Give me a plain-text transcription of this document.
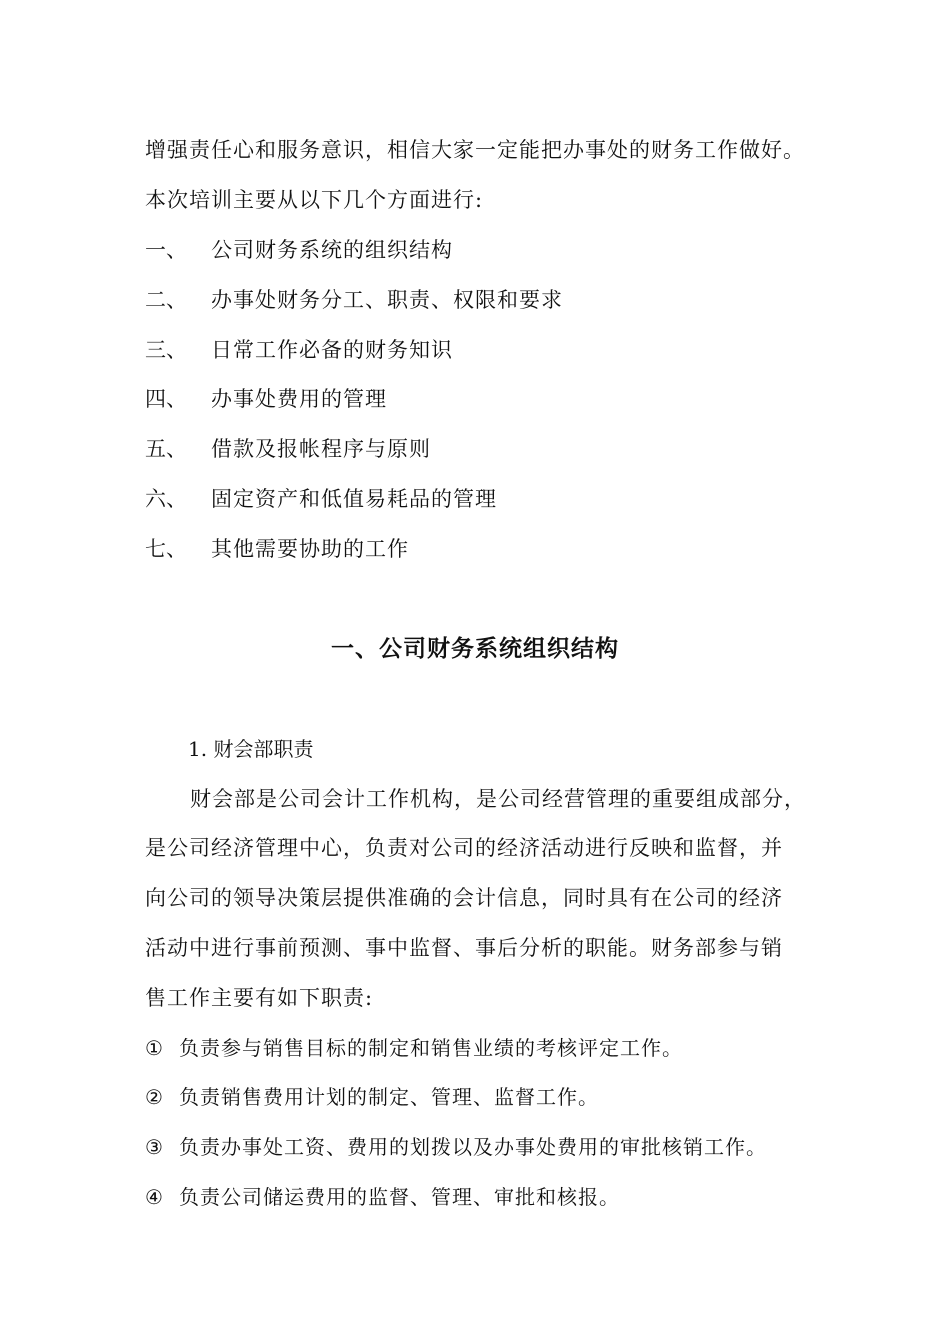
增强责任心和服务意识，相信大家一定能把办事处的财务工作做好。
本次培训主要从以下几个方面进行:
一、 公司财务系统的组织结构
二、 办事处财务分工、职责、权限和要求
三、 日常工作必备的财务知识
四、 办事处费用的管理
五、 借款及报帐程序与原则
六、 固定资产和低值易耗品的管理
七、 其他需要协助的工作
一、公司财务系统组织结构
1. 财会部职责
财会部是公司会计工作机构，是公司经营管理的重要组成部分，
是公司经济管理中心，负责对公司的经济活动进行反映和监督，并
向公司的领导决策层提供准确的会计信息，同时具有在公司的经济
活动中进行事前预测、事中监督、事后分析的职能。财务部参与销
售工作主要有如下职责:
① 负责参与销售目标的制定和销售业绩的考核评定工作。
② 负责销售费用计划的制定、管理、监督工作。
③ 负责办事处工资、费用的划拨以及办事处费用的审批核销工作。
④ 负责公司储运费用的监督、管理、审批和核报。
